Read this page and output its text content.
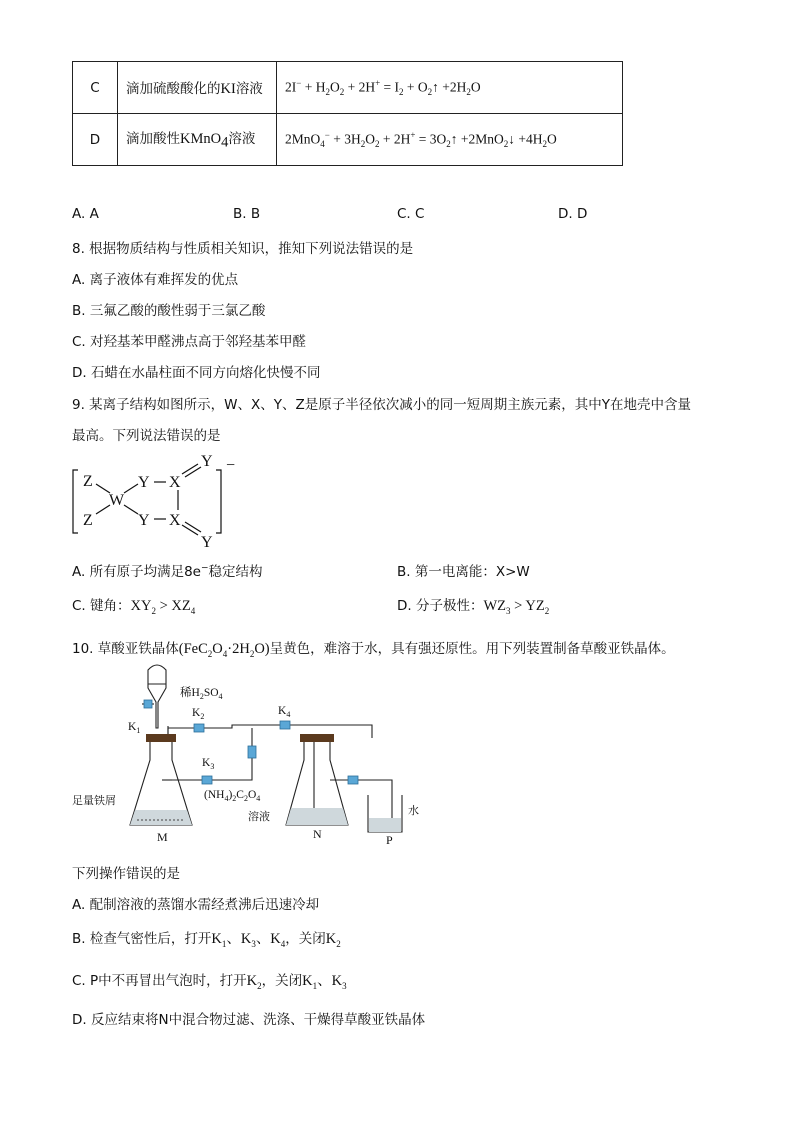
C	滴加硫酸酸化的KI溶液	$2I^- + H_2O_2 + 2H^+ = I_2$ + $O_2↑ +2H_2O$
D	滴加酸性KMnO$_4$溶液	$2MnO_4^- + 3H_2O_2 + 2H^+$ = $3O_2↑$ +2MnO$_2$↓ $+4H_2O$
A. A	B. B	C. C	D. D
8. 根据物质结构与性质相关知识，推知下列说法错误的是
A. 离子液体有难挥发的优点
B. 三氟乙酸的酸性弱于三氯乙酸
C. 对羟基苯甲醛沸点高于邻羟基苯甲醛
D. 石蜡在水晶柱面不同方向熔化快慢不同
9. 某离子结构如图所示，W、X、Y、Z是原子半径依次减小的同一短周期主族元素，其中Y在地壳中含量
最高。下列说法错误的是
Z
Z
W
Y
Y
X
X
Y
Y
−
A. 所有原子均满足8e−稳定结构	B. 第一电离能：X>W
C. 键角：$XY_2 > XZ_4$	D. 分子极性：$WZ_3 > YZ_2$
10. 草酸亚铁晶体$(FeC_2O_4\cdot 2H_2O)$呈黄色，难溶于水，具有强还原性。用下列装置制备草酸亚铁晶体。
稀$H_2SO_4$
$K_1$
$K_2$
$K_3$
$K_4$
$(NH_4)_2C_2O_4$
足量铁屑
溶液	水
M	N	P
下列操作错误的是
A. 配制溶液的蒸馏水需经煮沸后迅速冷却
B. 检查气密性后，打开$K_1$、$K_3$、$K_4$，关闭$K_2$
C. P中不再冒出气泡时，打开$K_2$，关闭$K_1$、$K_3$
D. 反应结束将N中混合物过滤、洗涤、干燥得草酸亚铁晶体
